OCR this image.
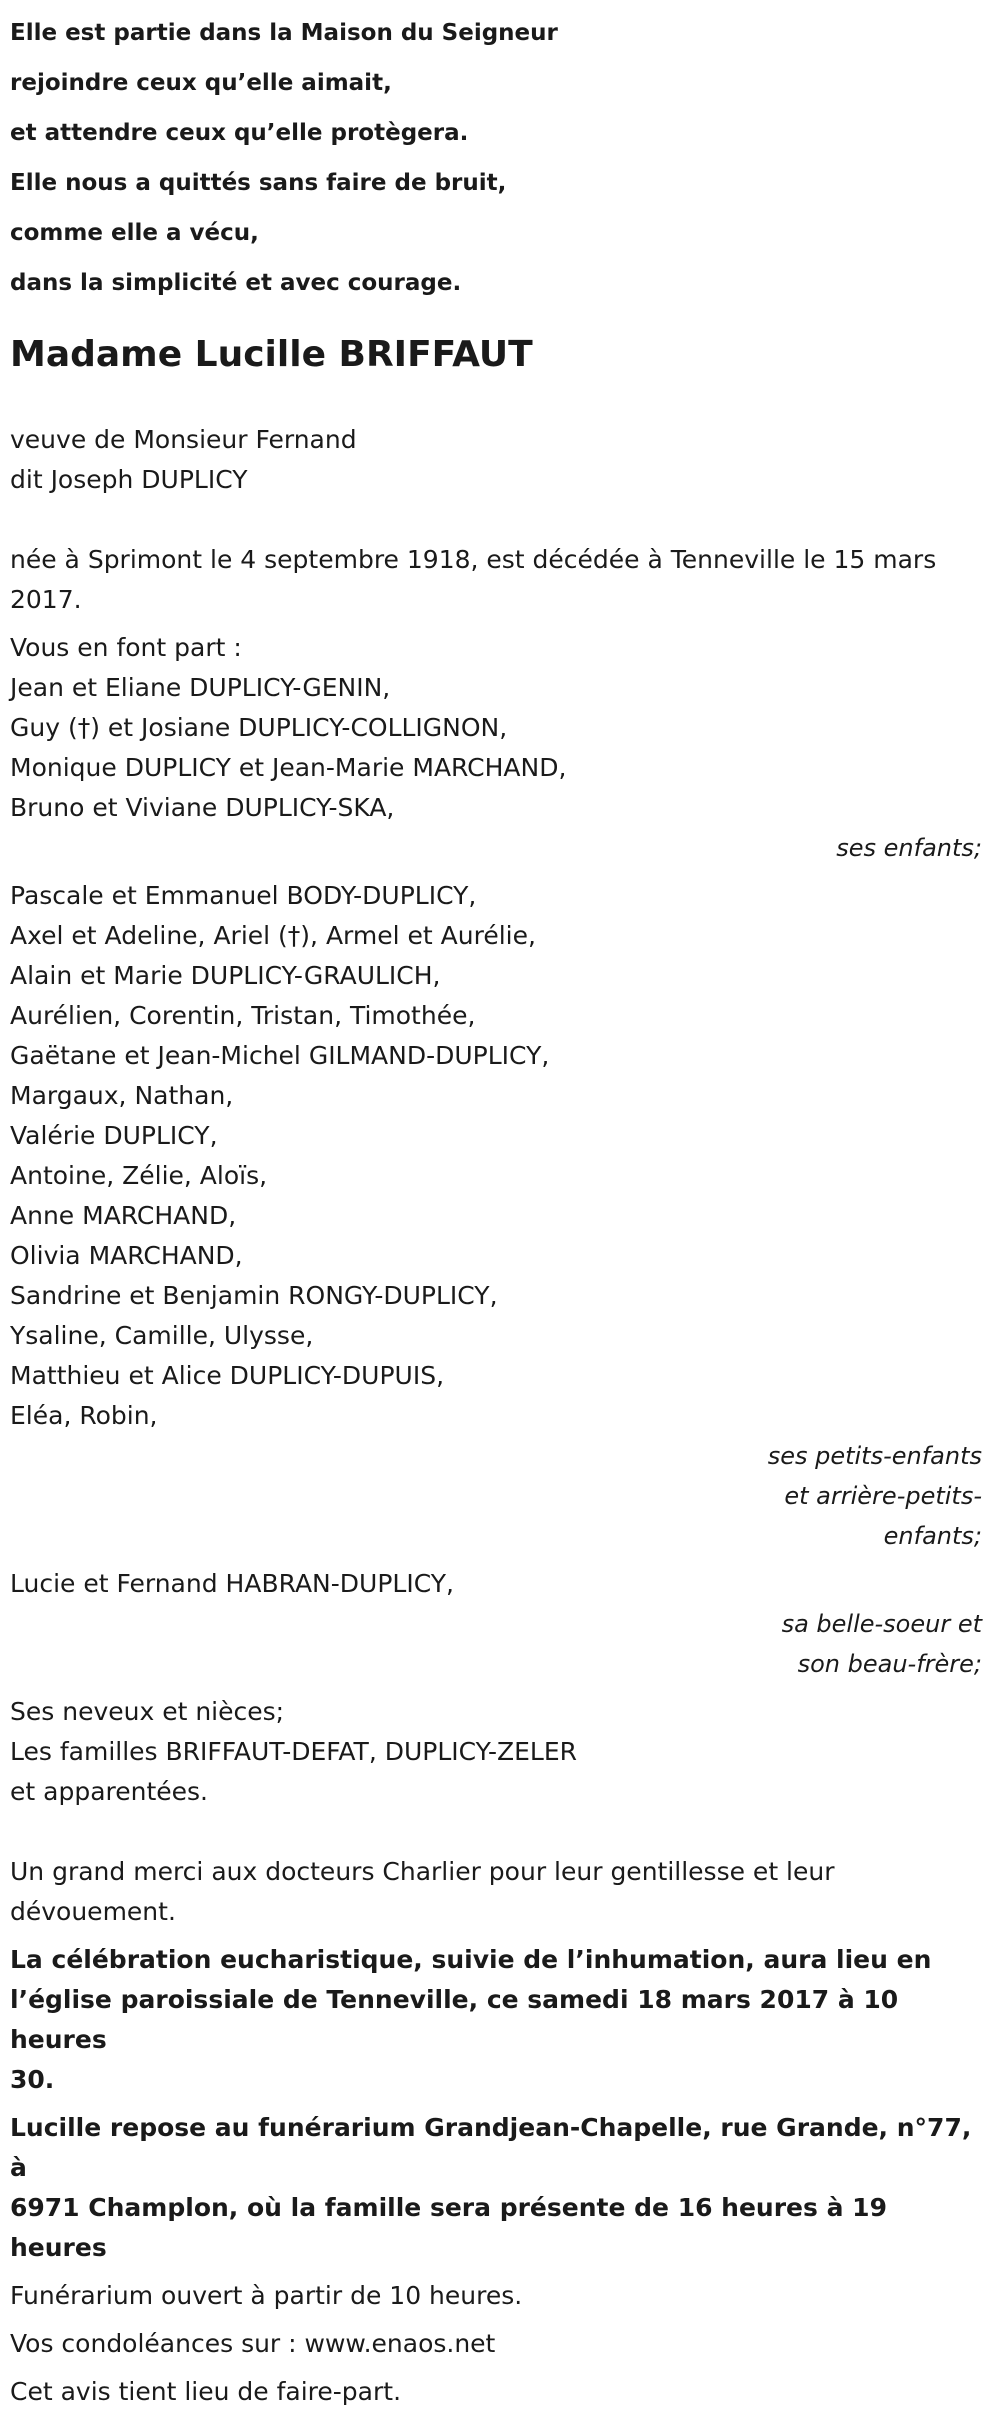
Elle est partie dans la Maison du Seigneur
rejoindre ceux qu’elle aimait,
et attendre ceux qu’elle protègera.
Elle nous a quittés sans faire de bruit,
comme elle a vécu,
dans la simplicité et avec courage.
Madame Lucille BRIFFAUT
veuve de Monsieur Fernand
dit Joseph DUPLICY
née à Sprimont le 4 septembre 1918, est décédée à Tenneville le 15 mars
2017.
Vous en font part :
Jean et Eliane DUPLICY-GENIN,
Guy (†) et Josiane DUPLICY-COLLIGNON,
Monique DUPLICY et Jean-Marie MARCHAND,
Bruno et Viviane DUPLICY-SKA,
ses enfants;
Pascale et Emmanuel BODY-DUPLICY,
Axel et Adeline, Ariel (†), Armel et Aurélie,
Alain et Marie DUPLICY-GRAULICH,
Aurélien, Corentin, Tristan, Timothée,
Gaëtane et Jean-Michel GILMAND-DUPLICY,
Margaux, Nathan,
Valérie DUPLICY,
Antoine, Zélie, Aloïs,
Anne MARCHAND,
Olivia MARCHAND,
Sandrine et Benjamin RONGY-DUPLICY,
Ysaline, Camille, Ulysse,
Matthieu et Alice DUPLICY-DUPUIS,
Eléa, Robin,
ses petits-enfants
et arrière-petits-
enfants;
Lucie et Fernand HABRAN-DUPLICY,
sa belle-soeur et
son beau-frère;
Ses neveux et nièces;
Les familles BRIFFAUT-DEFAT, DUPLICY-ZELER
et apparentées.
Un grand merci aux docteurs Charlier pour leur gentillesse et leur
dévouement.
La célébration eucharistique, suivie de l’inhumation, aura lieu en
l’église paroissiale de Tenneville, ce samedi 18 mars 2017 à 10 heures
30.
Lucille repose au funérarium Grandjean-Chapelle, rue Grande, n°77, à
6971 Champlon, où la famille sera présente de 16 heures à 19 heures
Funérarium ouvert à partir de 10 heures.
Vos condoléances sur : www.enaos.net
Cet avis tient lieu de faire-part.
